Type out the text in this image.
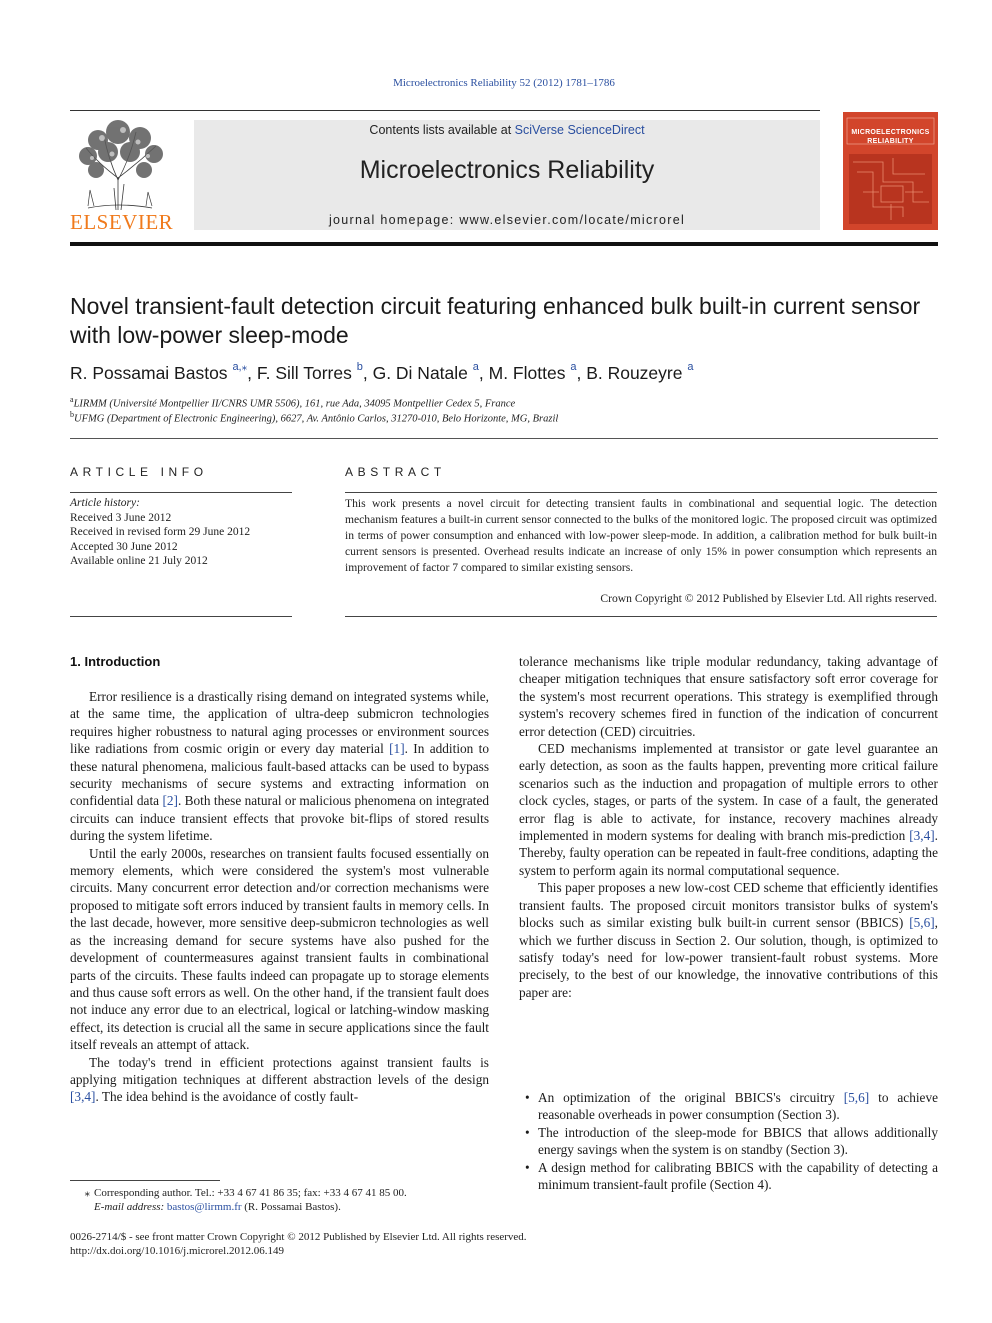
Microelectronics Reliability 52 (2012) 1781–1786
ELSEVIER
Contents lists available at SciVerse ScienceDirect
Microelectronics Reliability
journal homepage: www.elsevier.com/locate/microrel
MICROELECTRONICS
RELIABILITY
Novel transient-fault detection circuit featuring enhanced bulk built-in current sensor with low-power sleep-mode
R. Possamai Bastos $^{a,⁎}$, F. Sill Torres $^b$, G. Di Natale $^a$, M. Flottes $^a$, B. Rouzeyre $^a$
$^a$LIRMM (Université Montpellier II/CNRS UMR 5506), 161, rue Ada, 34095 Montpellier Cedex 5, France
$^b$UFMG (Department of Electronic Engineering), 6627, Av. Antônio Carlos, 31270-010, Belo Horizonte, MG, Brazil
ARTICLE INFO
Article history:
Received 3 June 2012
Received in revised form 29 June 2012
Accepted 30 June 2012
Available online 21 July 2012
ABSTRACT
This work presents a novel circuit for detecting transient faults in combinational and sequential logic. The detection mechanism features a built-in current sensor connected to the bulks of the monitored logic. The proposed circuit was optimized in terms of power consumption and enhanced with low-power sleep-mode. In addition, a calibration method for bulk built-in current sensors is presented. Overhead results indicate an increase of only 15% in power consumption which represents an improvement of factor 7 compared to similar existing sensors.
Crown Copyright © 2012 Published by Elsevier Ltd. All rights reserved.
1. Introduction

Error resilience is a drastically rising demand on integrated systems while, at the same time, the application of ultra-deep submicron technologies requires higher robustness to natural aging processes or environment sources like radiations from cosmic origin or every day material [1]. In addition to these natural phenomena, malicious fault-based attacks can be used to bypass security mechanisms of secure systems and extracting information on confidential data [2]. Both these natural or malicious phenomena on integrated circuits can induce transient effects that provoke bit-flips of stored results during the system lifetime.

Until the early 2000s, researches on transient faults focused essentially on memory elements, which were considered the system's most vulnerable circuits. Many concurrent error detection and/or correction mechanisms were proposed to mitigate soft errors induced by transient faults in memory cells. In the last decade, however, more sensitive deep-submicron technologies as well as the increasing demand for secure systems have also pushed for the development of countermeasures against transient faults in combinational parts of the circuits. These faults indeed can propagate up to storage elements and thus cause soft errors as well. On the other hand, if the transient fault does not induce any error due to an electrical, logical or latching-window masking effect, its detection is crucial all the same in secure applications since the fault itself reveals an attempt of attack.

The today's trend in efficient protections against transient faults is applying mitigation techniques at different abstraction levels of the design [3,4]. The idea behind is the avoidance of costly fault-

tolerance mechanisms like triple modular redundancy, taking advantage of cheaper mitigation techniques that ensure satisfactory soft error coverage for the system's most recurrent operations. This strategy is exemplified through system's recovery schemes fired in function of the indication of concurrent error detection (CED) circuitries.

CED mechanisms implemented at transistor or gate level guarantee an early detection, as soon as the faults happen, preventing more critical failure scenarios such as the induction and propagation of multiple errors to other clock cycles, stages, or parts of the system. In case of a fault, the generated error flag is able to activate, for instance, recovery machines already implemented in modern systems for dealing with branch mis-prediction [3,4]. Thereby, faulty operation can be repeated in fault-free conditions, adapting the system to perform again its normal computational sequence.

This paper proposes a new low-cost CED scheme that efficiently identifies transient faults. The proposed circuit monitors transistor bulks of system's blocks such as similar existing bulk built-in current sensor (BBICS) [5,6], which we further discuss in Section 2. Our solution, though, is optimized to satisfy today's need for low-power transient-fault robust systems. More precisely, to the best of our knowledge, the innovative contributions of this paper are:

• An optimization of the original BBICS's circuitry [5,6] to achieve reasonable overheads in power consumption (Section 3).
• The introduction of the sleep-mode for BBICS that allows additionally energy savings when the system is on standby (Section 3).
• A design method for calibrating BBICS with the capability of detecting a minimum transient-fault profile (Section 4).
⁎ Corresponding author. Tel.: +33 4 67 41 86 35; fax: +33 4 67 41 85 00.
E-mail address: bastos@lirmm.fr (R. Possamai Bastos).
0026-2714/$ - see front matter Crown Copyright © 2012 Published by Elsevier Ltd. All rights reserved.
http://dx.doi.org/10.1016/j.microrel.2012.06.149
